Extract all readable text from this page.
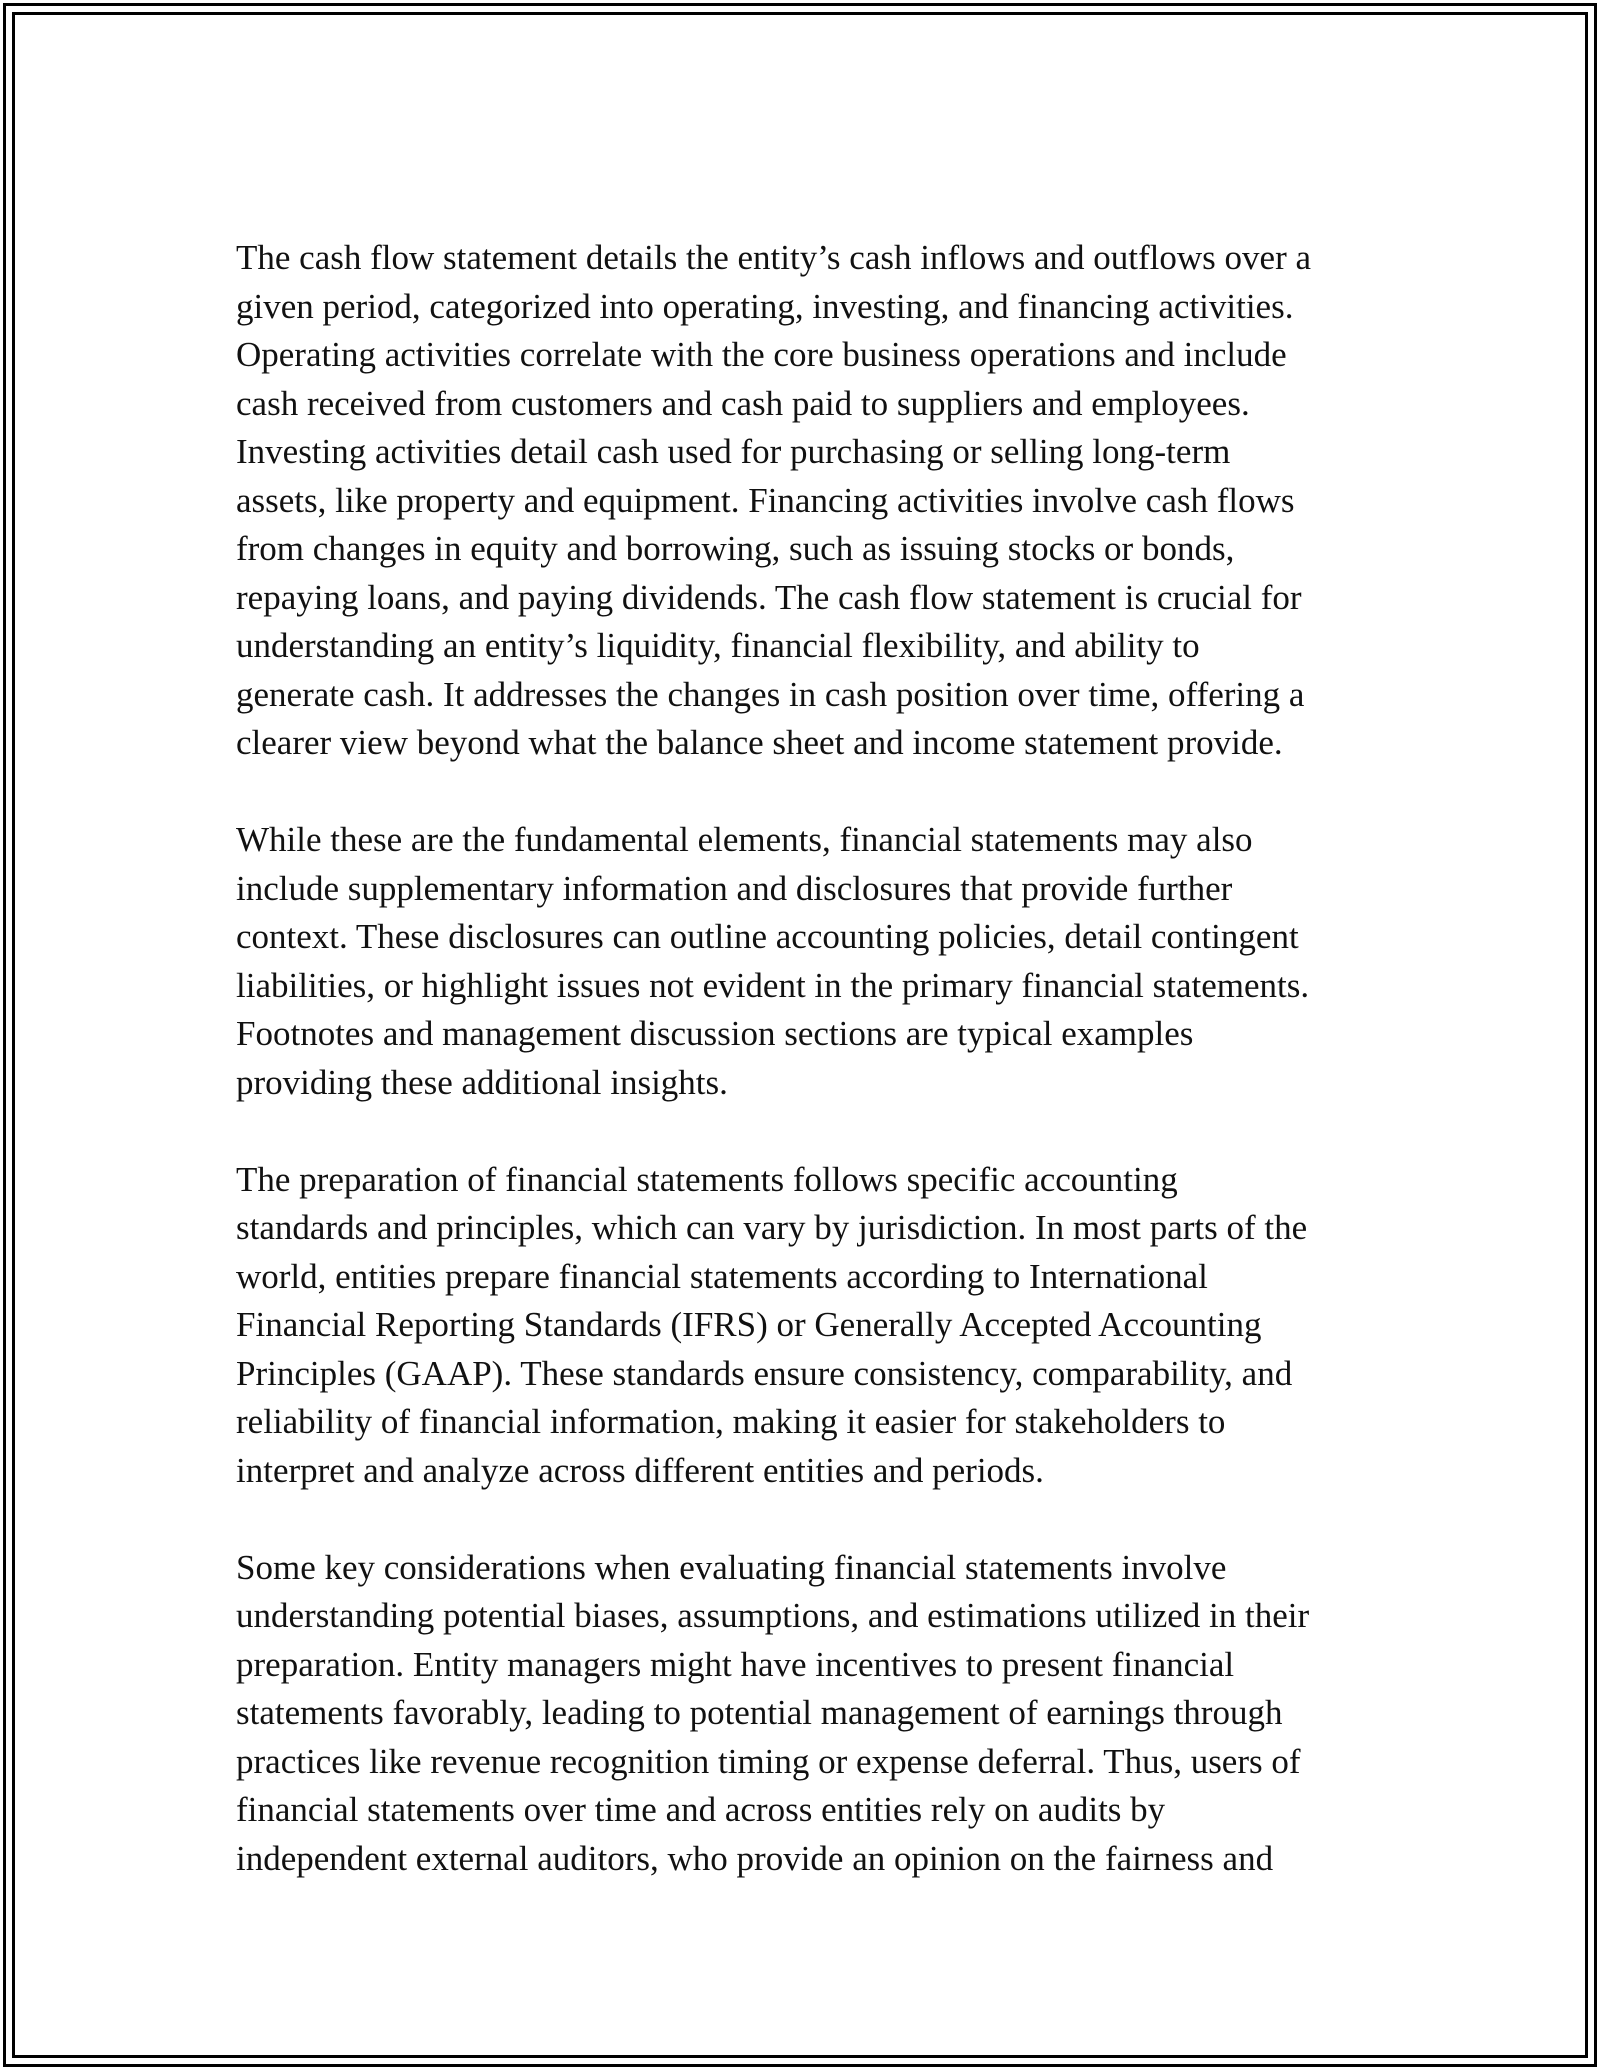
The cash flow statement details the entity’s cash inflows and outflows over a
given period, categorized into operating, investing, and financing activities.
Operating activities correlate with the core business operations and include
cash received from customers and cash paid to suppliers and employees.
Investing activities detail cash used for purchasing or selling long-term
assets, like property and equipment. Financing activities involve cash flows
from changes in equity and borrowing, such as issuing stocks or bonds,
repaying loans, and paying dividends. The cash flow statement is crucial for
understanding an entity’s liquidity, financial flexibility, and ability to
generate cash. It addresses the changes in cash position over time, offering a
clearer view beyond what the balance sheet and income statement provide.

While these are the fundamental elements, financial statements may also
include supplementary information and disclosures that provide further
context. These disclosures can outline accounting policies, detail contingent
liabilities, or highlight issues not evident in the primary financial statements.
Footnotes and management discussion sections are typical examples
providing these additional insights.

The preparation of financial statements follows specific accounting
standards and principles, which can vary by jurisdiction. In most parts of the
world, entities prepare financial statements according to International
Financial Reporting Standards (IFRS) or Generally Accepted Accounting
Principles (GAAP). These standards ensure consistency, comparability, and
reliability of financial information, making it easier for stakeholders to
interpret and analyze across different entities and periods.

Some key considerations when evaluating financial statements involve
understanding potential biases, assumptions, and estimations utilized in their
preparation. Entity managers might have incentives to present financial
statements favorably, leading to potential management of earnings through
practices like revenue recognition timing or expense deferral. Thus, users of
financial statements over time and across entities rely on audits by
independent external auditors, who provide an opinion on the fairness and
